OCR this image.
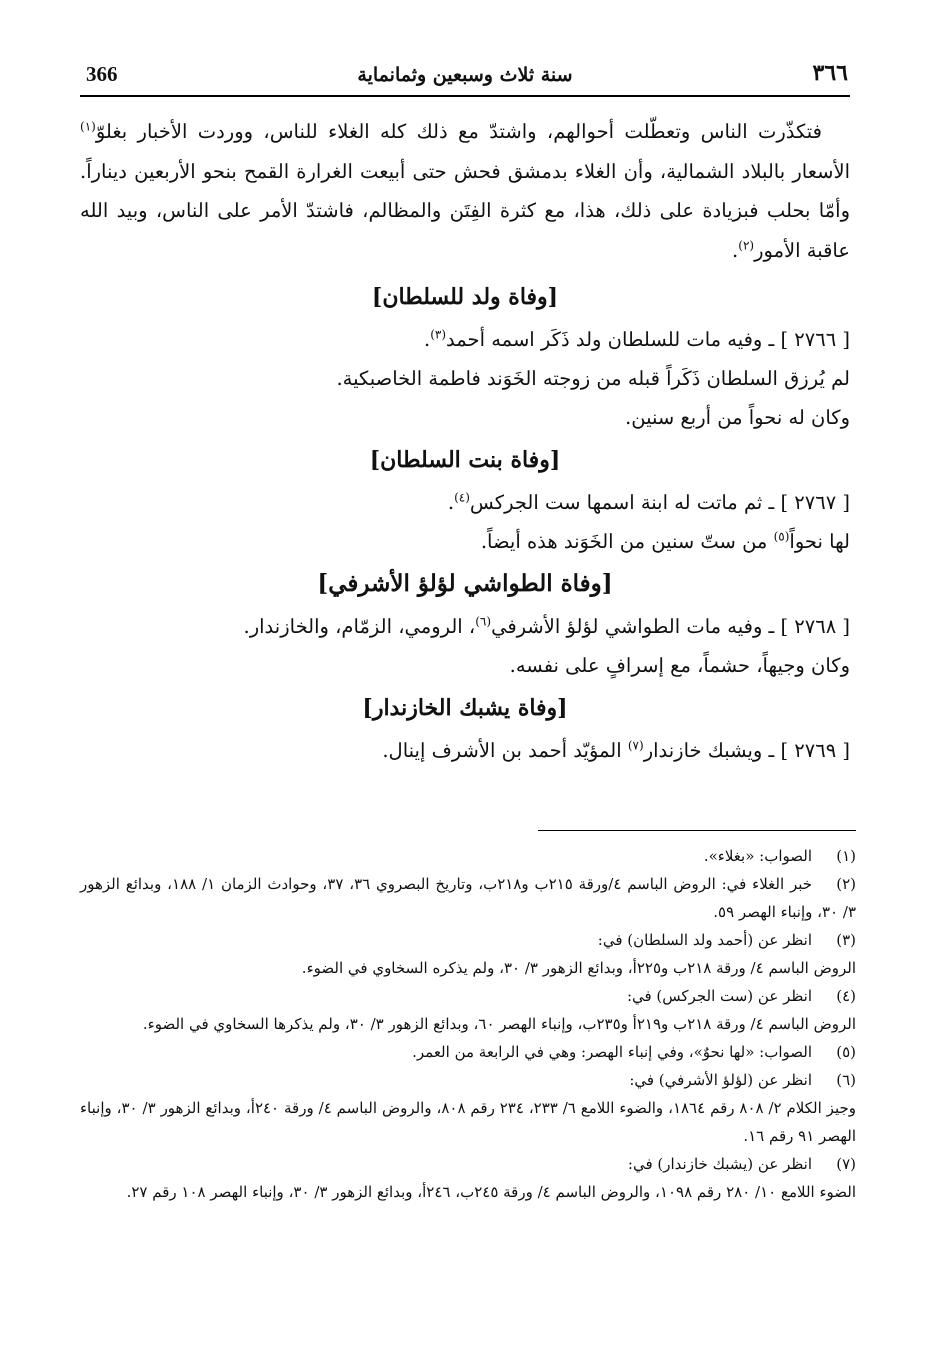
366	سنة ثلاث وسبعين وثمانماية	٣٦٦

فتكذّرت الناس وتعطّلت أحوالهم، واشتدّ مع ذلك كله الغلاء للناس، ووردت الأخبار بغلوّ$^{(١)}$ الأسعار بالبلاد الشمالية، وأن الغلاء بدمشق فحش حتى أبيعت الغرارة القمح بنحو الأربعين ديناراً. وأمّا بحلب فبزيادة على ذلك، هذا، مع كثرة الفِتَن والمظالم، فاشتدّ الأمر على الناس، وبيد الله عاقبة الأمور$^{(٢)}$.

[وفاة ولد للسلطان]

[ ٢٧٦٦ ] ـ وفيه مات للسلطان ولد ذَكَر اسمه أحمد$^{(٣)}$.

لم يُرزق السلطان ذَكَراً قبله من زوجته الخَوَند فاطمة الخاصبكية.

وكان له نحواً من أربع سنين.

[وفاة بنت السلطان]

[ ٢٧٦٧ ] ـ ثم ماتت له ابنة اسمها ست الجركس$^{(٤)}$.

لها نحواً$^{(٥)}$ من ستّ سنين من الخَوَند هذه أيضاً.

[وفاة الطواشي لؤلؤ الأشرفي]

[ ٢٧٦٨ ] ـ وفيه مات الطواشي لؤلؤ الأشرفي$^{(٦)}$، الرومي، الزمّام، والخازندار.

وكان وجيهاً، حشماً، مع إسرافٍ على نفسه.

[وفاة يشبك الخازندار]

[ ٢٧٦٩ ] ـ ويشبك خازندار$^{(٧)}$ المؤيّد أحمد بن الأشرف إينال.

(١)الصواب: «بغلاء».

(٢)خبر الغلاء في: الروض الباسم ٤/ورقة ٢١٥ب و٢١٨ب، وتاريخ البصروي ٣٦، ٣٧، وحوادث الزمان ١/ ١٨٨، وبدائع الزهور ٣/ ٣٠، وإنباء الهصر ٥٩.

(٣)انظر عن (أحمد ولد السلطان) في:

الروض الباسم ٤/ ورقة ٢١٨ب و٢٢٥أ، وبدائع الزهور ٣/ ٣٠، ولم يذكره السخاوي في الضوء.

(٤)انظر عن (ست الجركس) في:

الروض الباسم ٤/ ورقة ٢١٨ب و٢١٩أ و٢٣٥ب، وإنباء الهصر ٦٠، وبدائع الزهور ٣/ ٣٠، ولم يذكرها السخاوي في الضوء.

(٥)الصواب: «لها نحوٌ»، وفي إنباء الهصر: وهي في الرابعة من العمر.

(٦)انظر عن (لؤلؤ الأشرفي) في:

وجيز الكلام ٢/ ٨٠٨ رقم ١٨٦٤، والضوء اللامع ٦/ ٢٣٣، ٢٣٤ رقم ٨٠٨، والروض الباسم ٤/ ورقة ٢٤٠أ، وبدائع الزهور ٣/ ٣٠، وإنباء الهصر ٩١ رقم ١٦.

(٧)انظر عن (يشبك خازندار) في:

الضوء اللامع ١٠/ ٢٨٠ رقم ١٠٩٨، والروض الباسم ٤/ ورقة ٢٤٥ب، ٢٤٦أ، وبدائع الزهور ٣/ ٣٠، وإنباء الهصر ١٠٨ رقم ٢٧.
